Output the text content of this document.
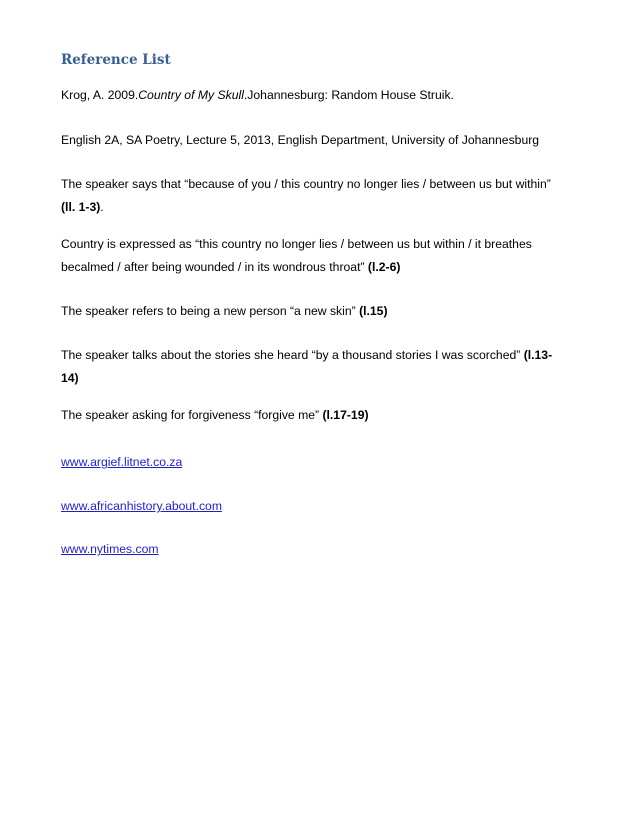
Reference List
Krog, A. 2009.Country of My Skull.Johannesburg: Random House Struik.
English 2A, SA Poetry, Lecture 5, 2013, English Department, University of Johannesburg
The speaker says that “because of you / this country no longer lies / between us but within”
(ll. 1-3).
Country is expressed as “this country no longer lies / between us but within / it breathes
becalmed / after being wounded / in its wondrous throat” (l.2-6)
The speaker refers to being a new person “a new skin” (l.15)
The speaker talks about the stories she heard “by a thousand stories I was scorched” (l.13-
14)
The speaker asking for forgiveness “forgive me” (l.17-19)
www.argief.litnet.co.za
www.africanhistory.about.com
www.nytimes.com
